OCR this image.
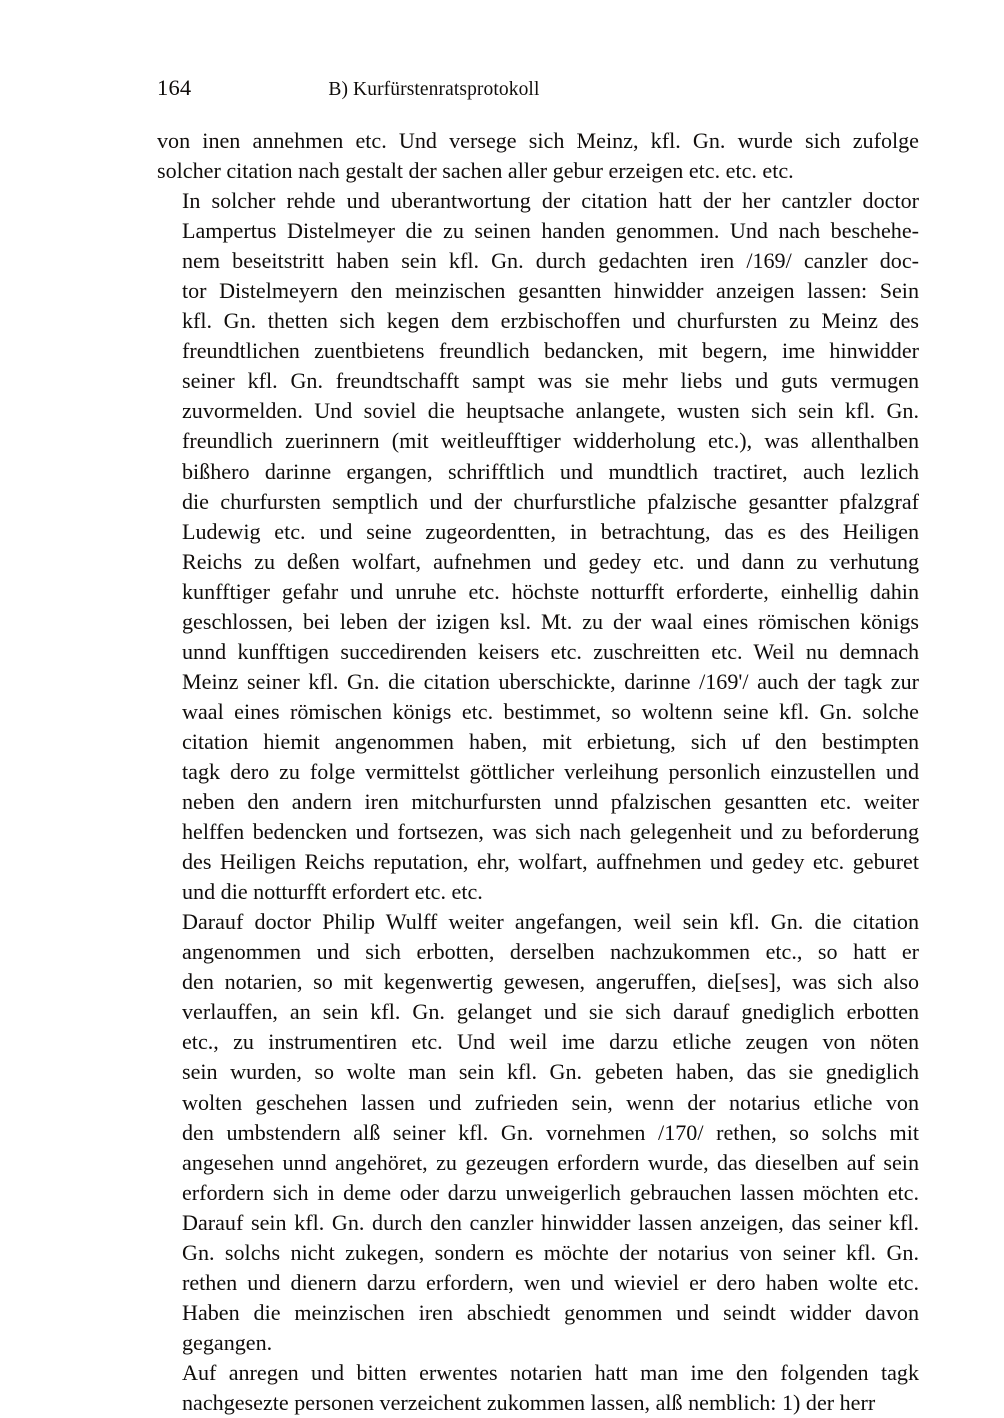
164	B) Kurfürstenratsprotokoll

von inen annehmen etc. Und versege sich Meinz, kfl. Gn. wurde sich zufolge
solcher citation nach gestalt der sachen aller gebur erzeigen etc. etc. etc.

In solcher rehde und uberantwortung der citation hatt der her cantzler doctor
Lampertus Distelmeyer die zu seinen handen genommen. Und nach beschehe-
nem beseitstritt haben sein kfl. Gn. durch gedachten iren /169/ canzler doc-
tor Distelmeyern den meinzischen gesantten hinwidder anzeigen lassen: Sein
kfl. Gn. thetten sich kegen dem erzbischoffen und churfursten zu Meinz des
freundtlichen zuentbietens freundlich bedancken, mit begern, ime hinwidder
seiner kfl. Gn. freundtschafft sampt was sie mehr liebs und guts vermugen
zuvormelden. Und soviel die heuptsache anlangete, wusten sich sein kfl. Gn.
freundlich zuerinnern (mit weitleufftiger widderholung etc.), was allenthalben
bißhero darinne ergangen, schrifftlich und mundtlich tractiret, auch lezlich
die churfursten semptlich und der churfurstliche pfalzische gesantter pfalzgraf
Ludewig etc. und seine zugeordentten, in betrachtung, das es des Heiligen
Reichs zu deßen wolfart, aufnehmen und gedey etc. und dann zu verhutung
kunfftiger gefahr und unruhe etc. höchste notturfft erforderte, einhellig dahin
geschlossen, bei leben der izigen ksl. Mt. zu der waal eines römischen königs
unnd kunfftigen succedirenden keisers etc. zuschreitten etc. Weil nu demnach
Meinz seiner kfl. Gn. die citation uberschickte, darinne /169'/ auch der tagk zur
waal eines römischen königs etc. bestimmet, so woltenn seine kfl. Gn. solche
citation hiemit angenommen haben, mit erbietung, sich uf den bestimpten
tagk dero zu folge vermittelst göttlicher verleihung personlich einzustellen und
neben den andern iren mitchurfursten unnd pfalzischen gesantten etc. weiter
helffen bedencken und fortsezen, was sich nach gelegenheit und zu beforderung
des Heiligen Reichs reputation, ehr, wolfart, auffnehmen und gedey etc. geburet
und die notturfft erfordert etc. etc.

Darauf doctor Philip Wulff weiter angefangen, weil sein kfl. Gn. die citation
angenommen und sich erbotten, derselben nachzukommen etc., so hatt er
den notarien, so mit kegenwertig gewesen, angeruffen, die[ses], was sich also
verlauffen, an sein kfl. Gn. gelanget und sie sich darauf gnediglich erbotten
etc., zu instrumentiren etc. Und weil ime darzu etliche zeugen von nöten
sein wurden, so wolte man sein kfl. Gn. gebeten haben, das sie gnediglich
wolten geschehen lassen und zufrieden sein, wenn der notarius etliche von
den umbstendern alß seiner kfl. Gn. vornehmen /170/ rethen, so solchs mit
angesehen unnd angehöret, zu gezeugen erfordern wurde, das dieselben auf sein
erfordern sich in deme oder darzu unweigerlich gebrauchen lassen möchten etc.
Darauf sein kfl. Gn. durch den canzler hinwidder lassen anzeigen, das seiner kfl.
Gn. solchs nicht zukegen, sondern es möchte der notarius von seiner kfl. Gn.
rethen und dienern darzu erfordern, wen und wieviel er dero haben wolte etc.
Haben die meinzischen iren abschiedt genommen und seindt widder davon
gegangen.

Auf anregen und bitten erwentes notarien hatt man ime den folgenden tagk
nachgesezte personen verzeichent zukommen lassen, alß nemblich: 1) der herr
